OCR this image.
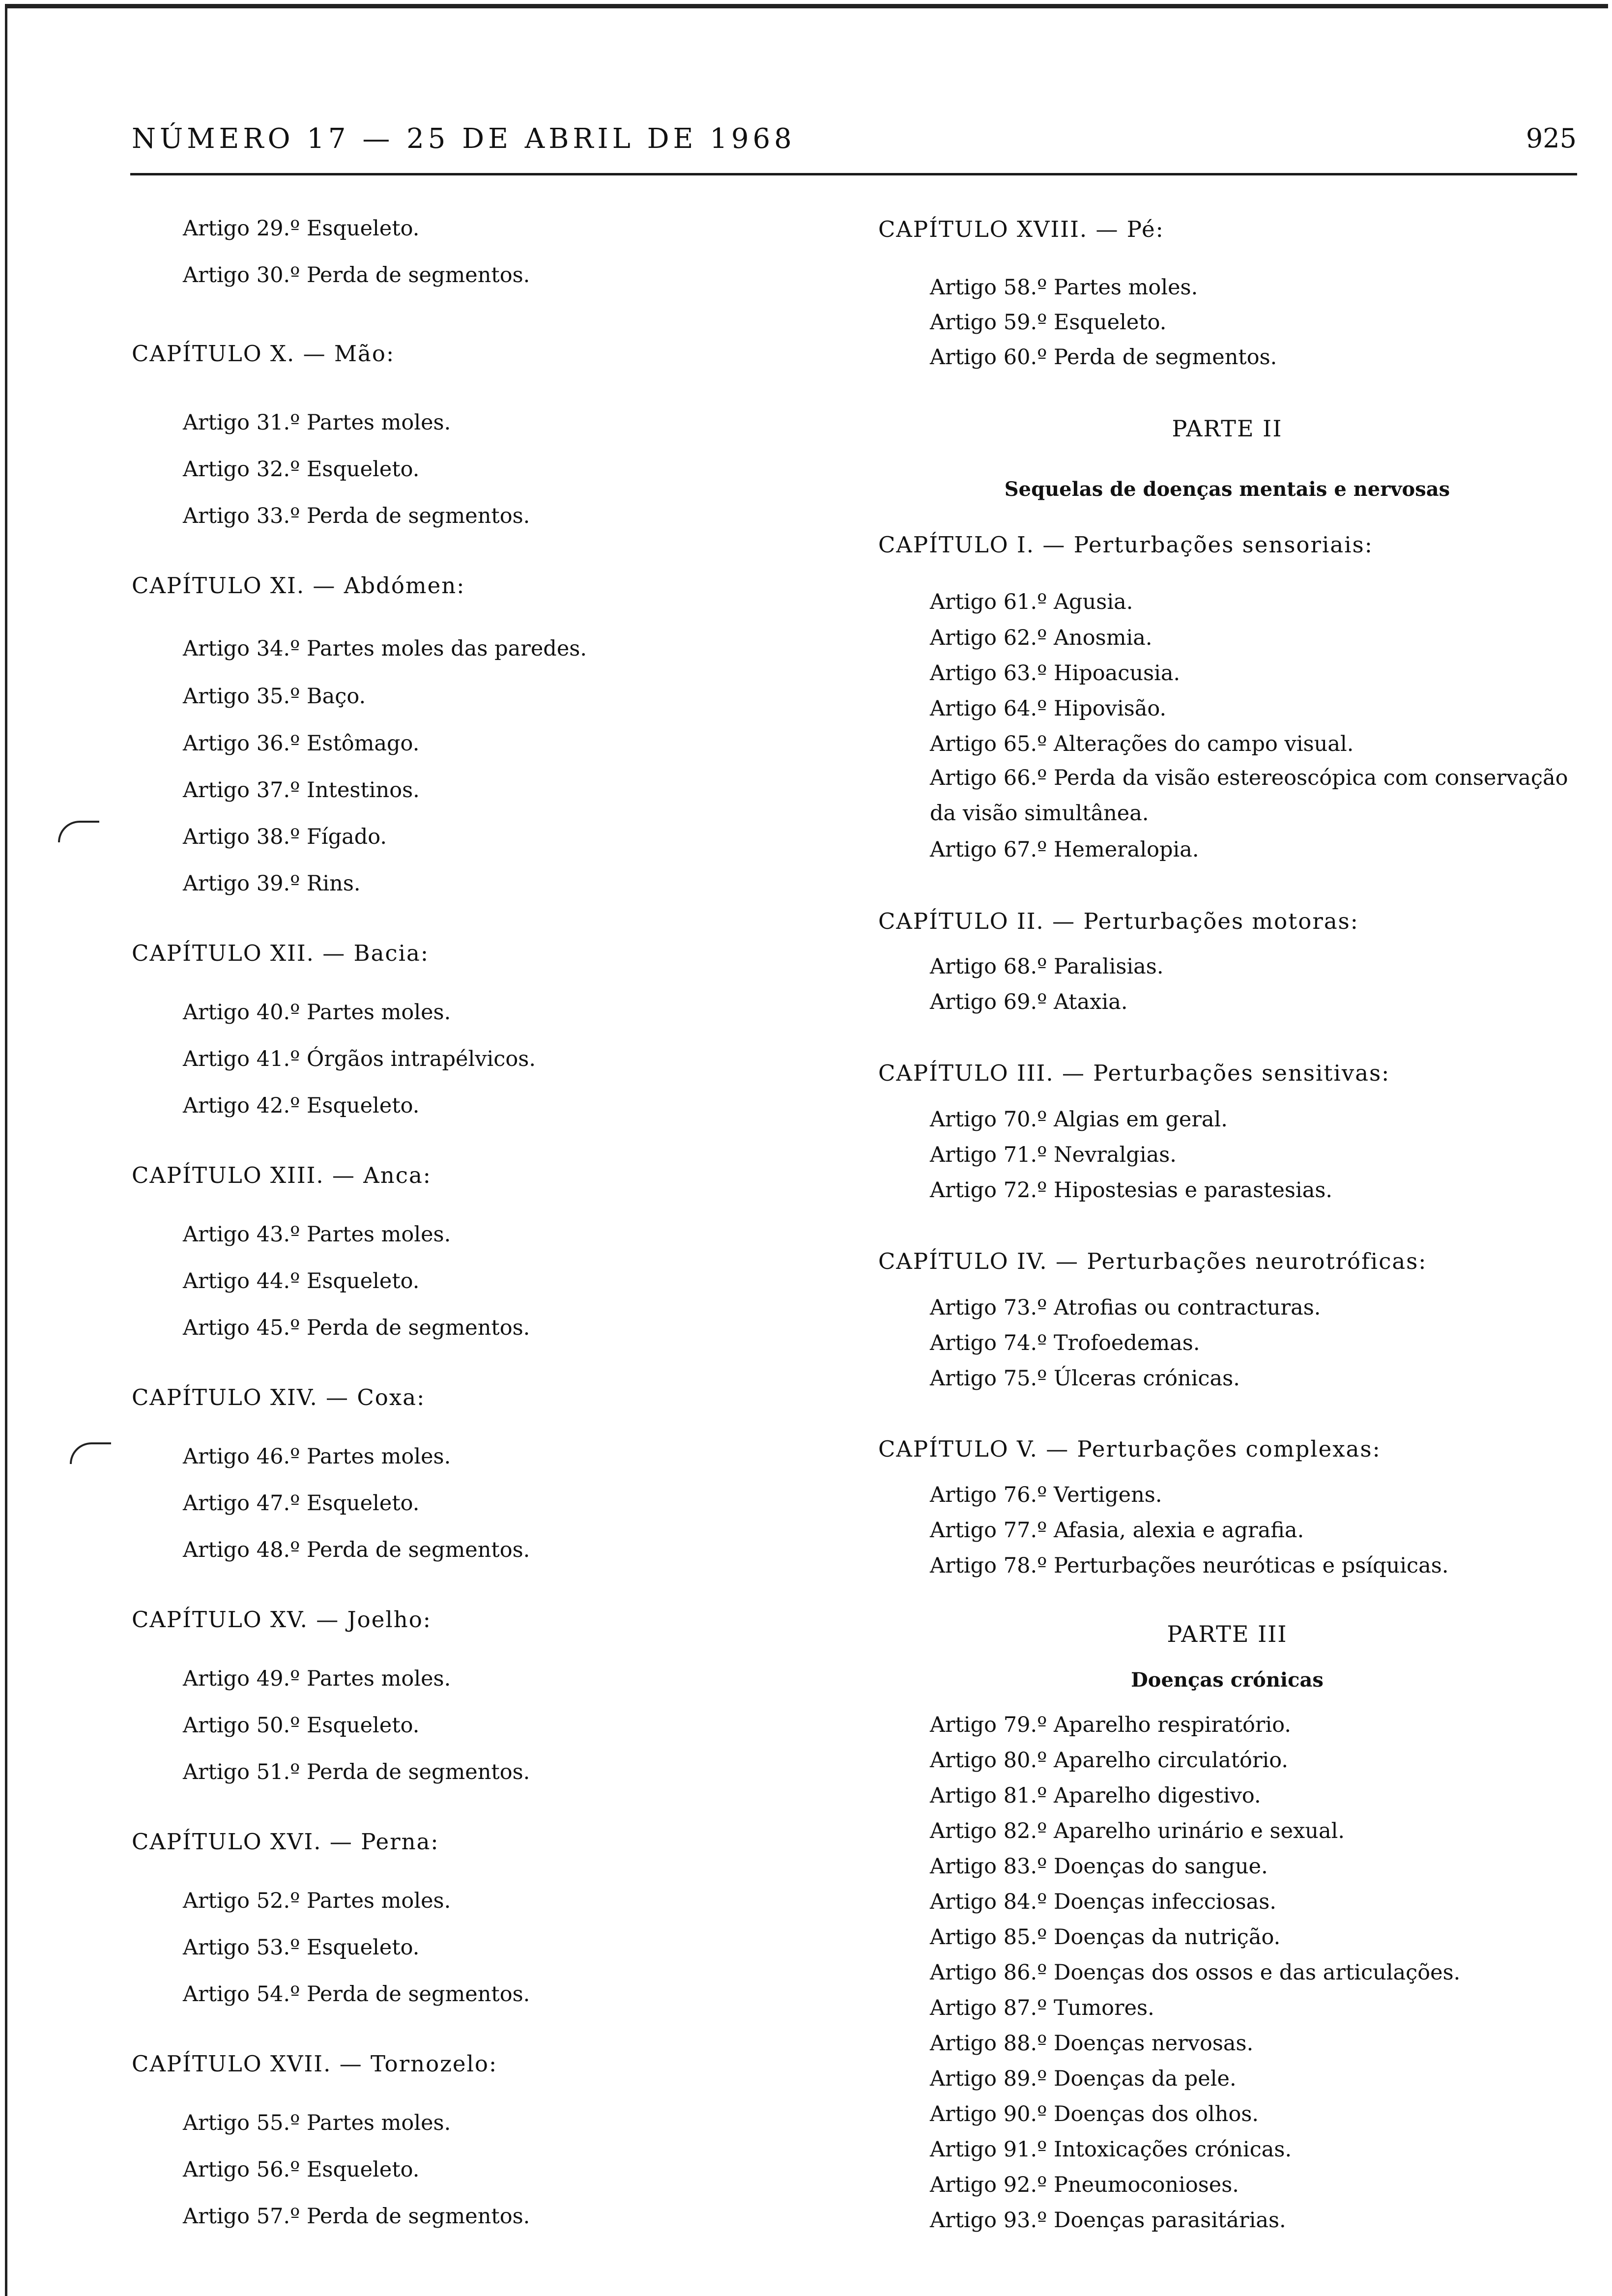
NÚMERO 17 — 25 DE ABRIL DE 1968	925
Artigo 29.º Esqueleto.
Artigo 30.º Perda de segmentos.
CAPÍTULO X. — Mão:
Artigo 31.º Partes moles.
Artigo 32.º Esqueleto.
Artigo 33.º Perda de segmentos.
CAPÍTULO XI. — Abdómen:
Artigo 34.º Partes moles das paredes.
Artigo 35.º Baço.
Artigo 36.º Estômago.
Artigo 37.º Intestinos.
Artigo 38.º Fígado.
Artigo 39.º Rins.
CAPÍTULO XII. — Bacia:
Artigo 40.º Partes moles.
Artigo 41.º Órgãos intrapélvicos.
Artigo 42.º Esqueleto.
CAPÍTULO XIII. — Anca:
Artigo 43.º Partes moles.
Artigo 44.º Esqueleto.
Artigo 45.º Perda de segmentos.
CAPÍTULO XIV. — Coxa:
Artigo 46.º Partes moles.
Artigo 47.º Esqueleto.
Artigo 48.º Perda de segmentos.
CAPÍTULO XV. — Joelho:
Artigo 49.º Partes moles.
Artigo 50.º Esqueleto.
Artigo 51.º Perda de segmentos.
CAPÍTULO XVI. — Perna:
Artigo 52.º Partes moles.
Artigo 53.º Esqueleto.
Artigo 54.º Perda de segmentos.
CAPÍTULO XVII. — Tornozelo:
Artigo 55.º Partes moles.
Artigo 56.º Esqueleto.
Artigo 57.º Perda de segmentos.
CAPÍTULO XVIII. — Pé:
Artigo 58.º Partes moles.
Artigo 59.º Esqueleto.
Artigo 60.º Perda de segmentos.
PARTE II
Sequelas de doenças mentais e nervosas
CAPÍTULO I. — Perturbações sensoriais:
Artigo 61.º Agusia.
Artigo 62.º Anosmia.
Artigo 63.º Hipoacusia.
Artigo 64.º Hipovisão.
Artigo 65.º Alterações do campo visual.
Artigo 66.º Perda da visão estereoscópica com conservação da visão simultânea.
Artigo 67.º Hemeralopia.
CAPÍTULO II. — Perturbações motoras:
Artigo 68.º Paralisias.
Artigo 69.º Ataxia.
CAPÍTULO III. — Perturbações sensitivas:
Artigo 70.º Algias em geral.
Artigo 71.º Nevralgias.
Artigo 72.º Hipostesias e parastesias.
CAPÍTULO IV. — Perturbações neurotróficas:
Artigo 73.º Atrofias ou contracturas.
Artigo 74.º Trofoedemas.
Artigo 75.º Úlceras crónicas.
CAPÍTULO V. — Perturbações complexas:
Artigo 76.º Vertigens.
Artigo 77.º Afasia, alexia e agrafia.
Artigo 78.º Perturbações neuróticas e psíquicas.
PARTE III
Doenças crónicas
Artigo 79.º Aparelho respiratório.
Artigo 80.º Aparelho circulatório.
Artigo 81.º Aparelho digestivo.
Artigo 82.º Aparelho urinário e sexual.
Artigo 83.º Doenças do sangue.
Artigo 84.º Doenças infecciosas.
Artigo 85.º Doenças da nutrição.
Artigo 86.º Doenças dos ossos e das articulações.
Artigo 87.º Tumores.
Artigo 88.º Doenças nervosas.
Artigo 89.º Doenças da pele.
Artigo 90.º Doenças dos olhos.
Artigo 91.º Intoxicações crónicas.
Artigo 92.º Pneumoconioses.
Artigo 93.º Doenças parasitárias.
